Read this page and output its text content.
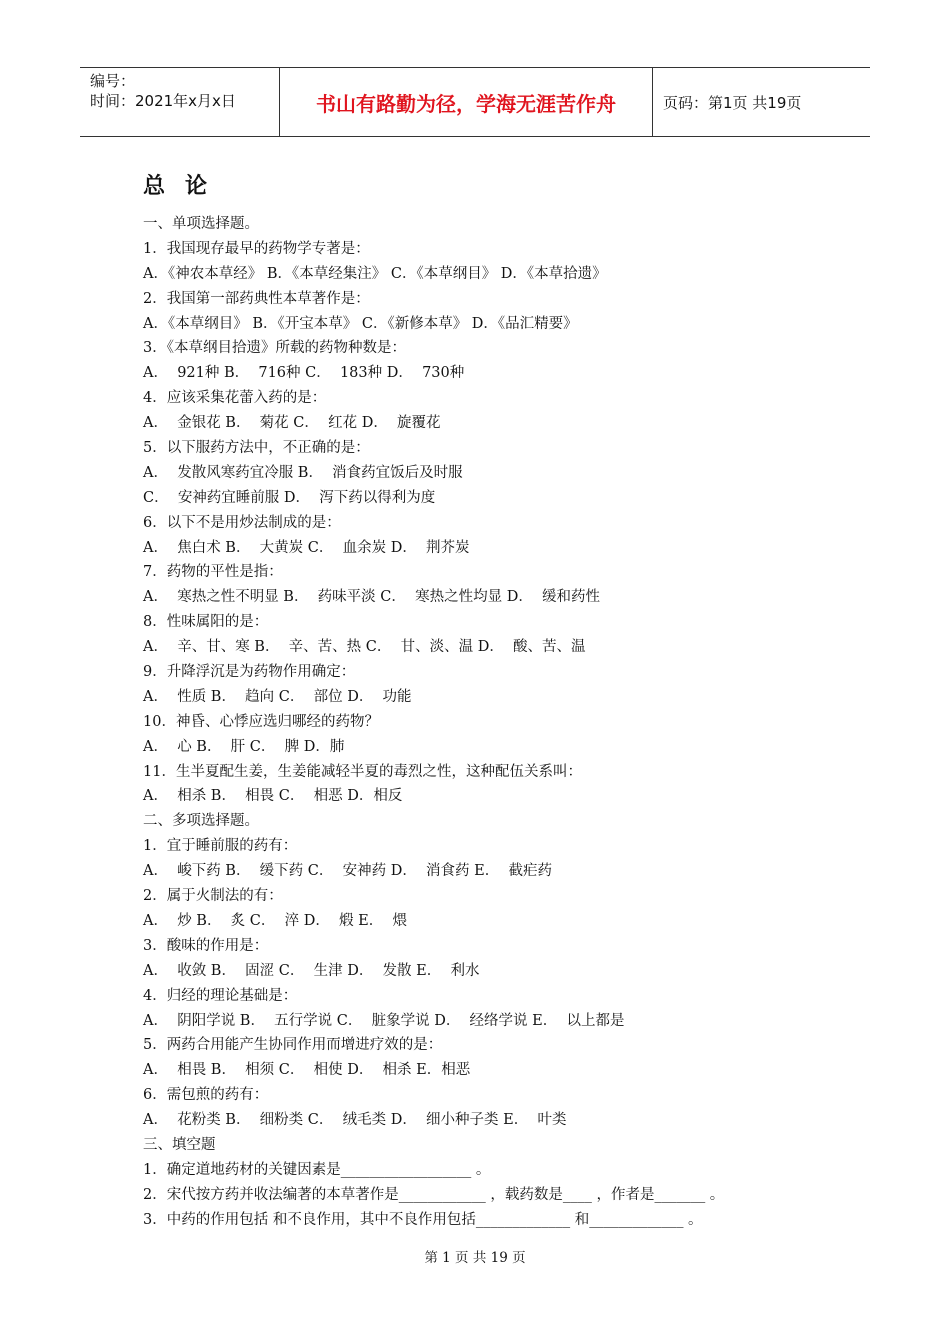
编号：
时间：2021年x月x日	书山有路勤为径，学海无涯苦作舟	页码：第1页 共19页
总论
一、单项选择题。
1．我国现存最早的药物学专著是：
A．《神农本草经》 B．《本草经集注》 C．《本草纲目》 D．《本草拾遗》
2．我国第一部药典性本草著作是：
A．《本草纲目》 B．《开宝本草》 C．《新修本草》 D．《品汇精要》
3．《本草纲目拾遗》所载的药物种数是：
A．  921种 B．  716种 C．  183种 D．  730种
4．应该采集花蕾入药的是：
A．  金银花 B．  菊花 C．  红花 D．  旋覆花
5．以下服药方法中，不正确的是：
A．  发散风寒药宜冷服 B．  消食药宜饭后及时服
C．  安神药宜睡前服 D．  泻下药以得利为度
6．以下不是用炒法制成的是：
A．  焦白术 B．  大黄炭 C．  血余炭 D．  荆芥炭
7．药物的平性是指：
A．  寒热之性不明显 B．  药味平淡 C．  寒热之性均显 D．  缓和药性
8．性味属阳的是：
A．  辛、甘、寒 B．  辛、苦、热 C．  甘、淡、温 D．  酸、苦、温
9．升降浮沉是为药物作用确定：
A．  性质 B．  趋向 C．  部位 D．  功能
10．神昏、心悸应选归哪经的药物？
A．  心 B．  肝 C．  脾 D．肺
11．生半夏配生姜，生姜能减轻半夏的毒烈之性，这种配伍关系叫：
A．  相杀 B．  相畏 C．  相恶 D．相反
二、多项选择题。
1．宜于睡前服的药有：
A．  峻下药 B．  缓下药 C．  安神药 D．  消食药 E．  截疟药
2．属于火制法的有：
A．  炒 B．  炙 C．  淬 D．  煅 E．  煨
3．酸味的作用是：
A．  收敛 B．  固涩 C．  生津 D．  发散 E．  利水
4．归经的理论基础是：
A．  阴阳学说 B．  五行学说 C．  脏象学说 D．  经络学说 E．  以上都是
5．两药合用能产生协同作用而增进疗效的是：
A．  相畏 B．  相须 C．  相使 D．  相杀 E．相恶
6．需包煎的药有：
A．  花粉类 B．  细粉类 C．  绒毛类 D．  细小种子类 E．  叶类
三、填空题
1．确定道地药材的关键因素是__________________ 。
2．宋代按方药并收法编著的本草著作是____________ ，载药数是____ ，作者是_______ 。
3．中药的作用包括 和不良作用，其中不良作用包括_____________ 和_____________ 。
第 1 页 共 19 页
